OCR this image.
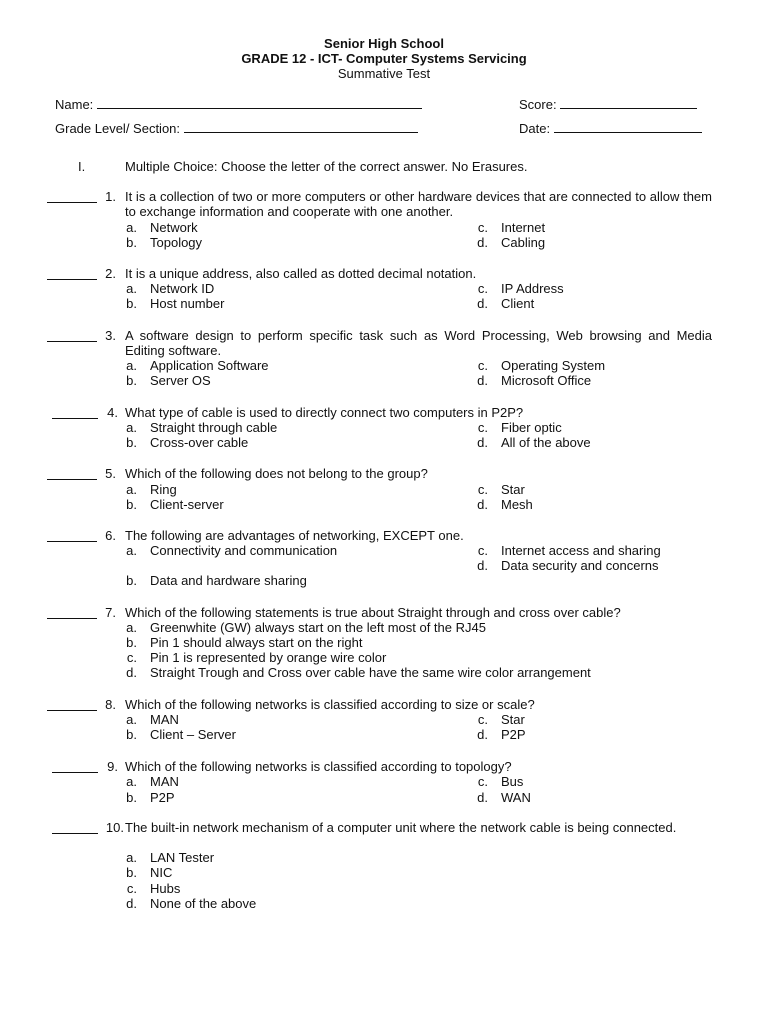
Senior High School
GRADE 12 - ICT- Computer Systems Servicing
Summative Test
Name:	Score:
Grade Level/ Section:	Date:
I.	Multiple Choice: Choose the letter of the correct answer. No Erasures.
1. It is a collection of two or more computers or other hardware devices that are connected to allow them to exchange information and cooperate with one another.
a. Network
b. Topology
c. Internet
d. Cabling
2. It is a unique address, also called as dotted decimal notation.
a. Network ID
b. Host number
c. IP Address
d. Client
3. A software design to perform specific task such as Word Processing, Web browsing and Media Editing software.
a. Application Software
b. Server OS
c. Operating System
d. Microsoft Office
4. What type of cable is used to directly connect two computers in P2P?
a. Straight through cable
b. Cross-over cable
c. Fiber optic
d. All of the above
5. Which of the following does not belong to the group?
a. Ring
b. Client-server
c. Star
d. Mesh
6. The following are advantages of networking, EXCEPT one.
a. Connectivity and communication
b. Data and hardware sharing
c. Internet access and sharing
d. Data security and concerns
7. Which of the following statements is true about Straight through and cross over cable?
a. Greenwhite (GW) always start on the left most of the RJ45
b. Pin 1 should always start on the right
c. Pin 1 is represented by orange wire color
d. Straight Trough and Cross over cable have the same wire color arrangement
8. Which of the following networks is classified according to size or scale?
a. MAN
b. Client – Server
c. Star
d. P2P
9. Which of the following networks is classified according to topology?
a. MAN
b. P2P
c. Bus
d. WAN
10. The built-in network mechanism of a computer unit where the network cable is being connected.
a. LAN Tester
b. NIC
c. Hubs
d. None of the above
